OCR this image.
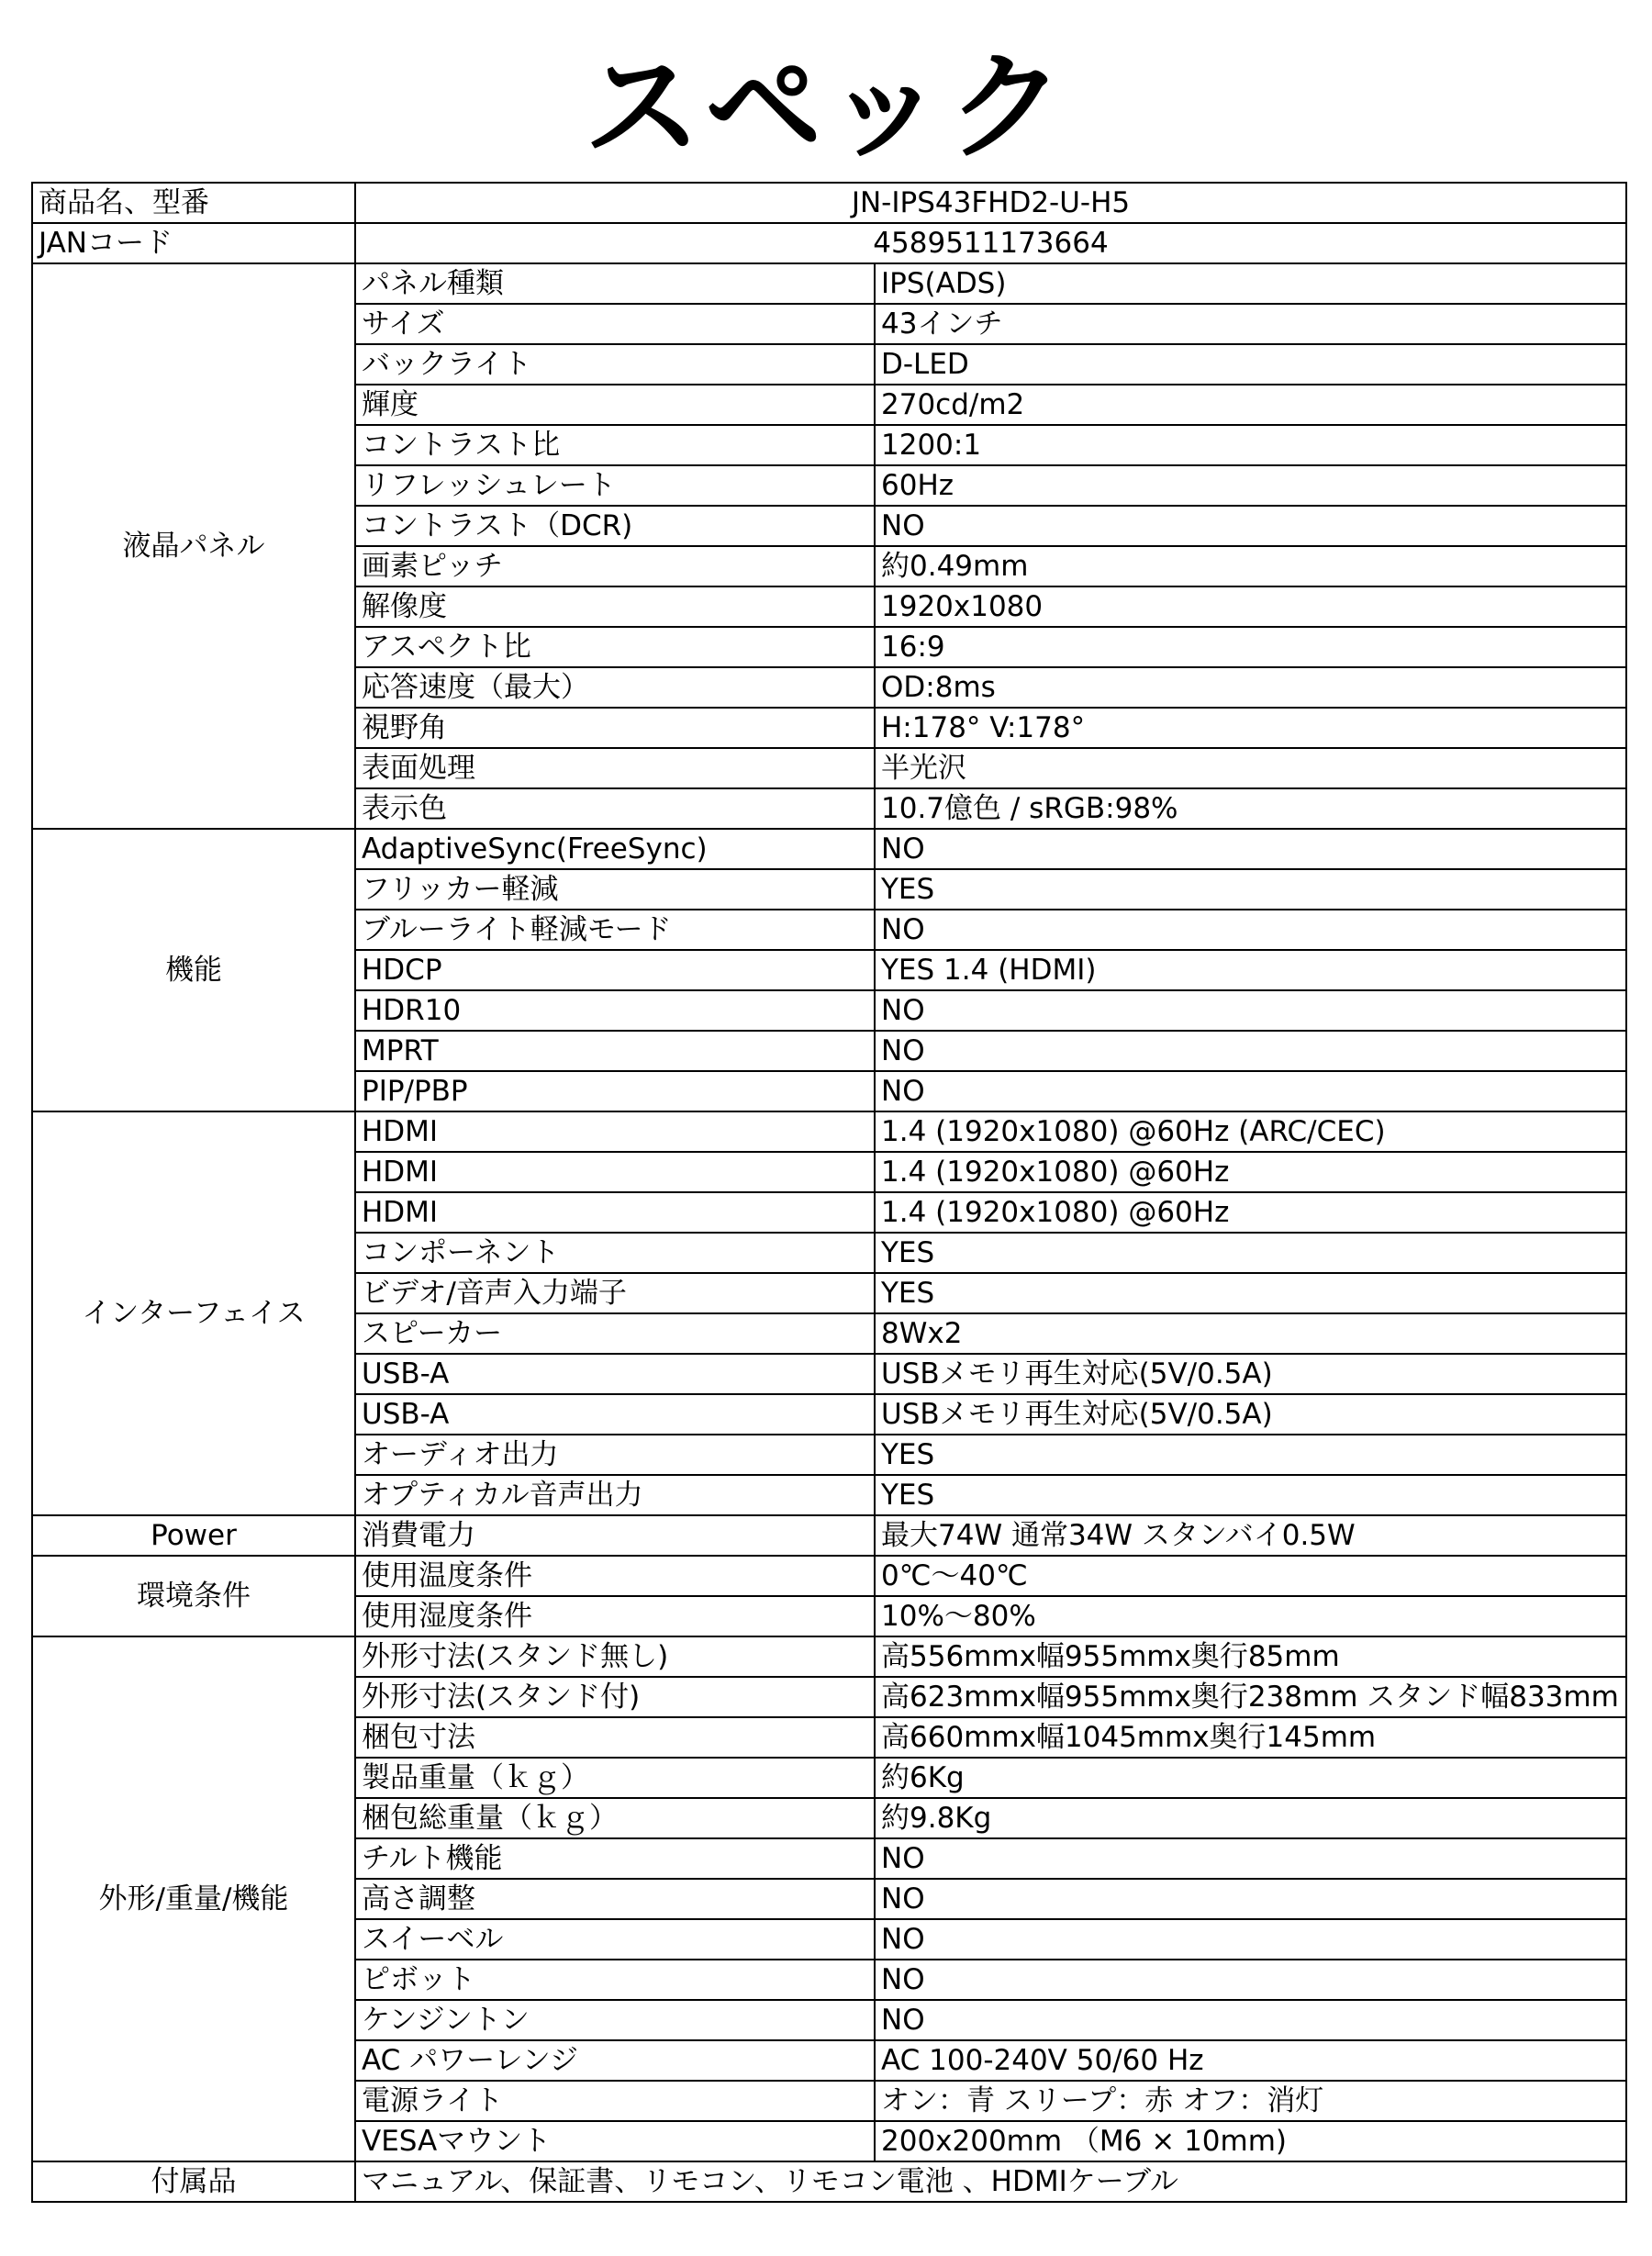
スペック
商品名、型番	JN-IPS43FHD2-U-H5	
JANコード	4589511173664	
液晶パネル	パネル種類	IPS(ADS)
	サイズ	43インチ
	バックライト	D-LED
	輝度	270cd/m2
	コントラスト比	1200:1
	リフレッシュレート	60Hz
	コントラスト（DCR)	NO
	画素ピッチ	約0.49mm
	解像度	1920x1080
	アスペクト比	16:9
	応答速度（最大）	OD:8ms
	視野角	H:178° V:178°
	表面処理	半光沢
	表示色	10.7億色 / sRGB:98%
機能	AdaptiveSync(FreeSync)	NO
	フリッカー軽減	YES
	ブルーライト軽減モード	NO
	HDCP	YES 1.4 (HDMI)
	HDR10	NO
	MPRT	NO
	PIP/PBP	NO
インターフェイス	HDMI	1.4 (1920x1080) @60Hz (ARC/CEC)
	HDMI	1.4 (1920x1080) @60Hz
	HDMI	1.4 (1920x1080) @60Hz
	コンポーネント	YES
	ビデオ/音声入力端子	YES
	スピーカー	8Wx2
	USB-A	USBメモリ再生対応(5V/0.5A)
	USB-A	USBメモリ再生対応(5V/0.5A)
	オーディオ出力	YES
	オプティカル音声出力	YES
Power	消費電力	最大74W 通常34W スタンバイ0.5W
環境条件	使用温度条件	0℃～40℃
	使用湿度条件	10%～80%
外形/重量/機能	外形寸法(スタンド無し)	高556mmx幅955mmx奥行85mm
	外形寸法(スタンド付)	高623mmx幅955mmx奥行238mm スタンド幅833mm
	梱包寸法	高660mmx幅1045mmx奥行145mm
	製品重量（ｋｇ）	約6Kg
	梱包総重量（ｋｇ）	約9.8Kg
	チルト機能	NO
	高さ調整	NO
	スイーベル	NO
	ピボット	NO
	ケンジントン	NO
	AC パワーレンジ	AC 100-240V 50/60 Hz
	電源ライト	オン：青 スリープ：赤 オフ：消灯
	VESAマウント	200x200mm （M6 × 10mm)
付属品	マニュアル、保証書、リモコン、リモコン電池 、HDMIケーブル	
